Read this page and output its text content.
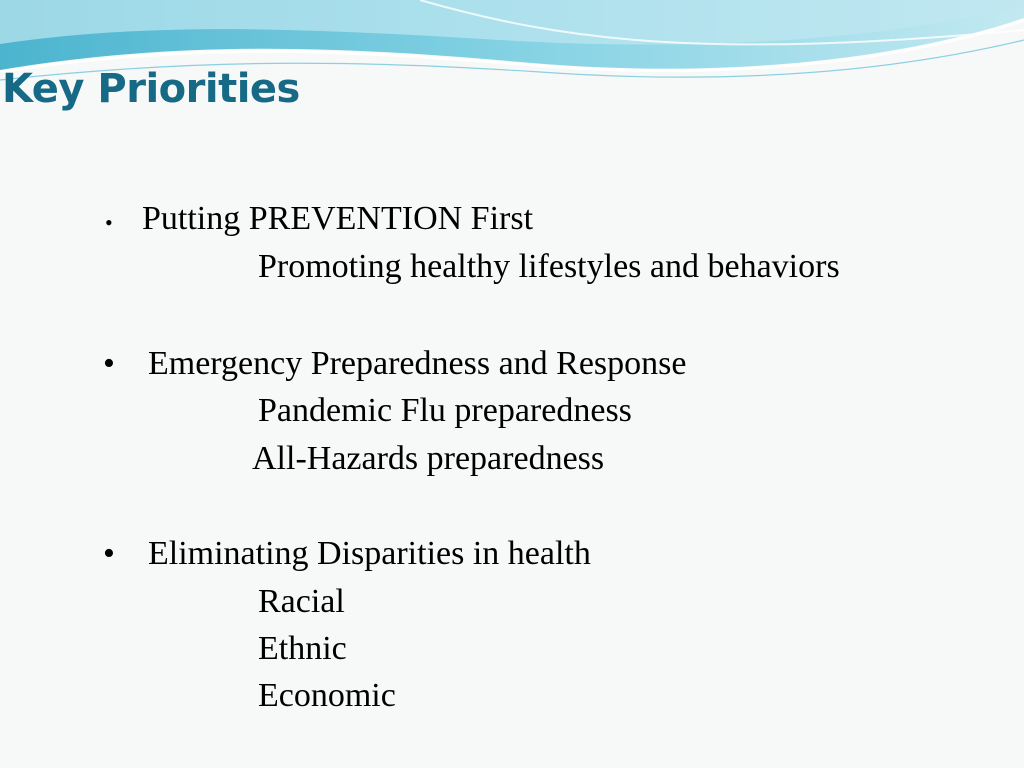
Key Priorities
• Putting PREVENTION First

Promoting healthy lifestyles and behaviors

• Emergency Preparedness and Response

Pandemic Flu preparedness

All-Hazards preparedness

• Eliminating Disparities in health

Racial

Ethnic

Economic
